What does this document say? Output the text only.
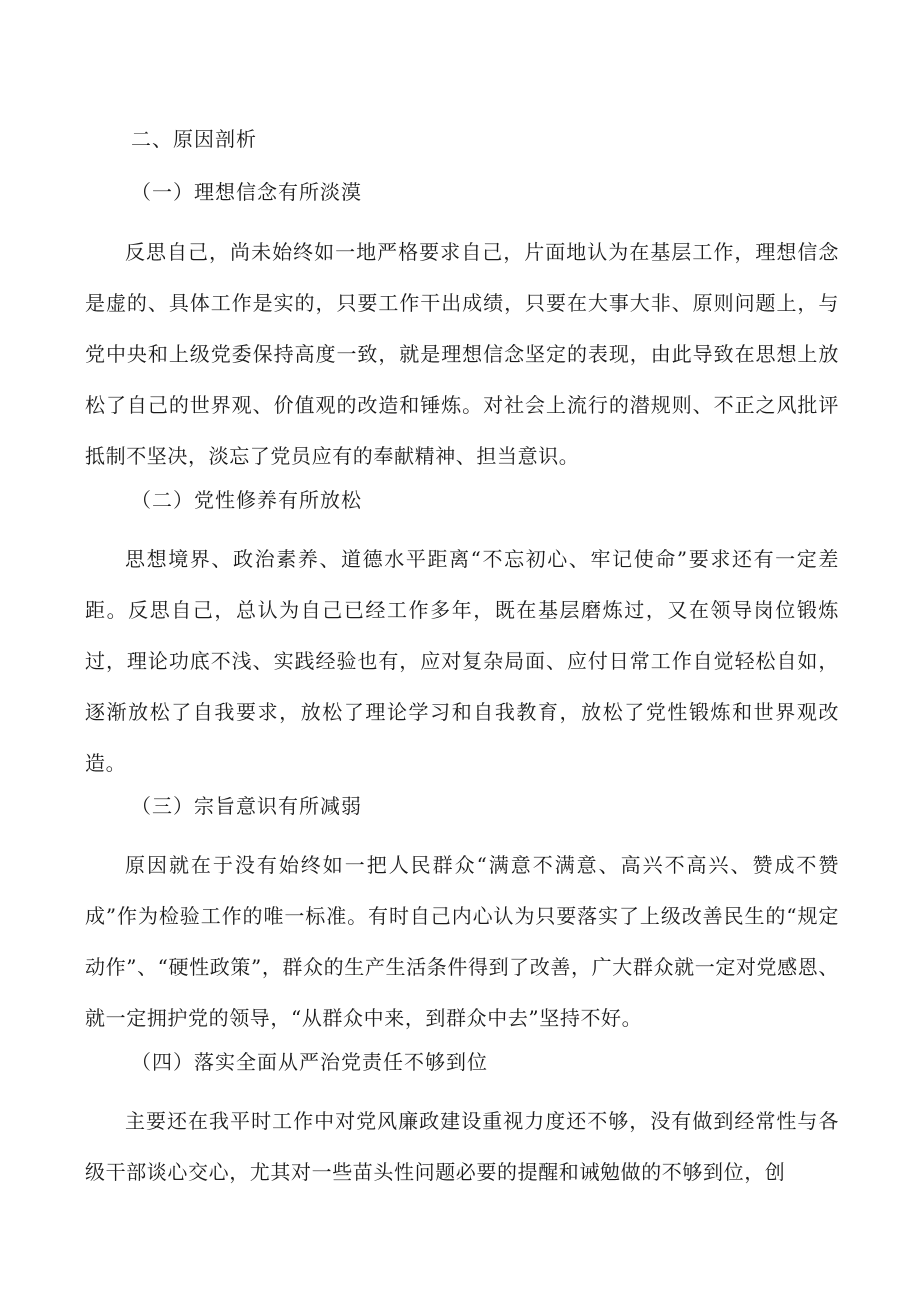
二、原因剖析
（一）理想信念有所淡漠

反思自己，尚未始终如一地严格要求自己，片面地认为在基层工作，理想信念是虚的、具体工作是实的，只要工作干出成绩，只要在大事大非、原则问题上，与党中央和上级党委保持高度一致，就是理想信念坚定的表现，由此导致在思想上放松了自己的世界观、价值观的改造和锤炼。对社会上流行的潜规则、不正之风批评抵制不坚决，淡忘了党员应有的奉献精神、担当意识。

（二）党性修养有所放松

思想境界、政治素养、道德水平距离“不忘初心、牢记使命”要求还有一定差距。反思自己，总认为自己已经工作多年，既在基层磨炼过，又在领导岗位锻炼过，理论功底不浅、实践经验也有，应对复杂局面、应付日常工作自觉轻松自如，逐渐放松了自我要求，放松了理论学习和自我教育，放松了党性锻炼和世界观改造。

（三）宗旨意识有所减弱

原因就在于没有始终如一把人民群众“满意不满意、高兴不高兴、赞成不赞成”作为检验工作的唯一标准。有时自己内心认为只要落实了上级改善民生的“规定动作”、“硬性政策”，群众的生产生活条件得到了改善，广大群众就一定对党感恩、就一定拥护党的领导，“从群众中来，到群众中去”坚持不好。

（四）落实全面从严治党责任不够到位

主要还在我平时工作中对党风廉政建设重视力度还不够，没有做到经常性与各级干部谈心交心，尤其对一些苗头性问题必要的提醒和诫勉做的不够到位，创
